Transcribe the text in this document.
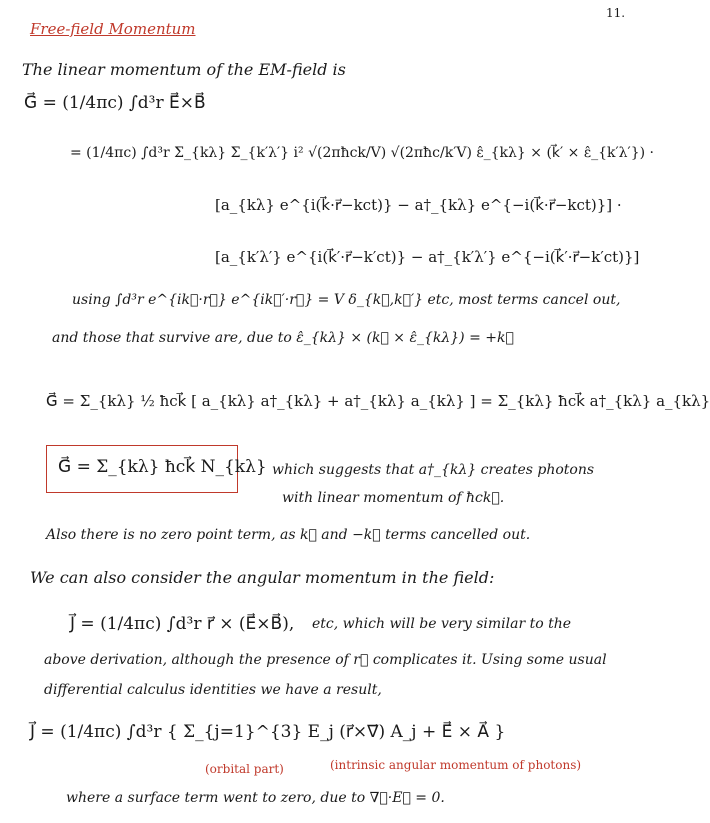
11.
Free-field Momentum
The linear momentum of the EM-field is
G⃗ = (1/4πc) ∫d³r E⃗×B⃗
= (1/4πc) ∫d³r Σ_{kλ} Σ_{k′λ′} i² √(2πħck/V) √(2πħc/k′V) ε̂_{kλ} × (k⃗′ × ε̂_{k′λ′}) ·
[a_{kλ} e^{i(k⃗·r⃗−kct)} − a†_{kλ} e^{−i(k⃗·r⃗−kct)}] ·
[a_{k′λ′} e^{i(k⃗′·r⃗−k′ct)} − a†_{k′λ′} e^{−i(k⃗′·r⃗−k′ct)}]
using ∫d³r e^{ik⃗·r⃗} e^{ik⃗′·r⃗} = V δ_{k⃗,k⃗′} etc, most terms cancel out,
and those that survive are, due to ε̂_{kλ} × (k⃗ × ε̂_{kλ}) = +k⃗
G⃗ = Σ_{kλ} ½ ħck⃗ [ a_{kλ} a†_{kλ} + a†_{kλ} a_{kλ} ] = Σ_{kλ} ħck⃗ a†_{kλ} a_{kλ}
G⃗ = Σ_{kλ} ħck⃗ N_{kλ} which suggests that a†_{kλ} creates photons
with linear momentum of ħck⃗.
Also there is no zero point term, as k⃗ and −k⃗ terms cancelled out.
We can also consider the angular momentum in the field:
J⃗ = (1/4πc) ∫d³r r⃗ × (E⃗×B⃗), etc, which will be very similar to the
above derivation, although the presence of r⃗ complicates it. Using some usual
differential calculus identities we have a result,
J⃗ = (1/4πc) ∫d³r { Σ_{j=1}^{3} E_j (r⃗×∇⃗) A_j + E⃗ × A⃗ }
(orbital part)	(intrinsic angular momentum of photons)
where a surface term went to zero, due to ∇⃗·E⃗ = 0.
